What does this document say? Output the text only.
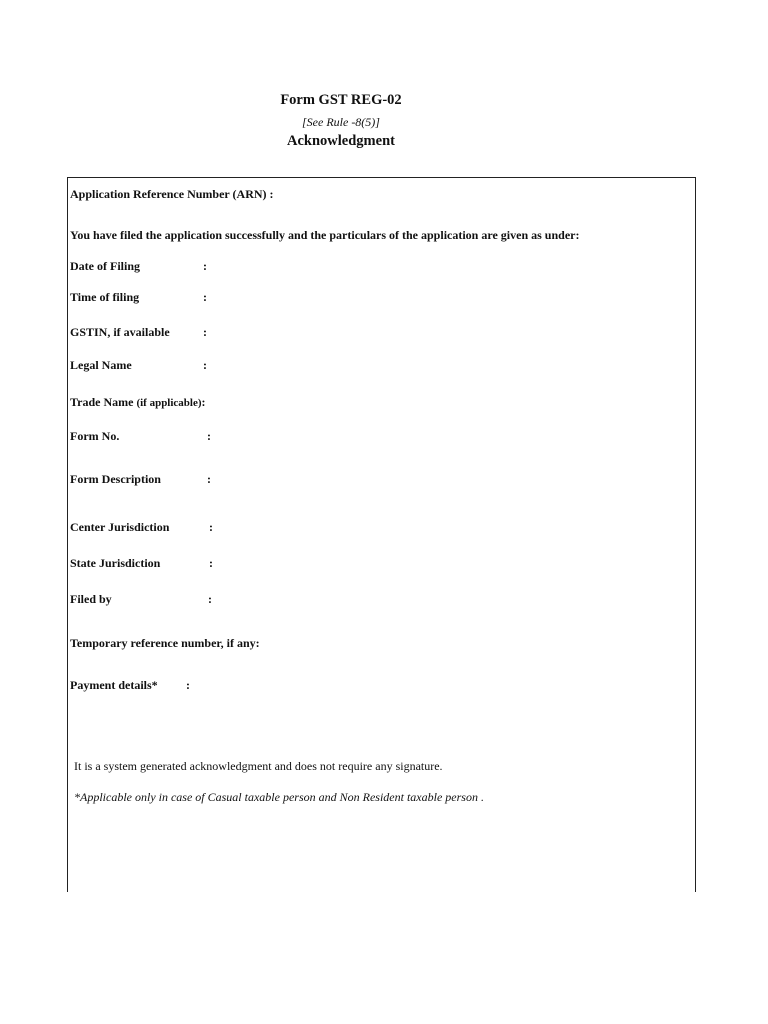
Form GST REG-02
[See Rule -8(5)]
Acknowledgment
Application Reference Number (ARN) :
You have filed the application successfully and the particulars of the application are given as under:
Date of Filing	:
Time of filing	:
GSTIN, if available	:
Legal Name	:
Trade Name (if applicable):
Form No.	:
Form Description	:
Center Jurisdiction	:
State Jurisdiction	:
Filed by	:
Temporary reference number, if any:
Payment details* :
It is a system generated acknowledgment and does not require any signature.
*Applicable only in case of Casual taxable person and Non Resident taxable person .
